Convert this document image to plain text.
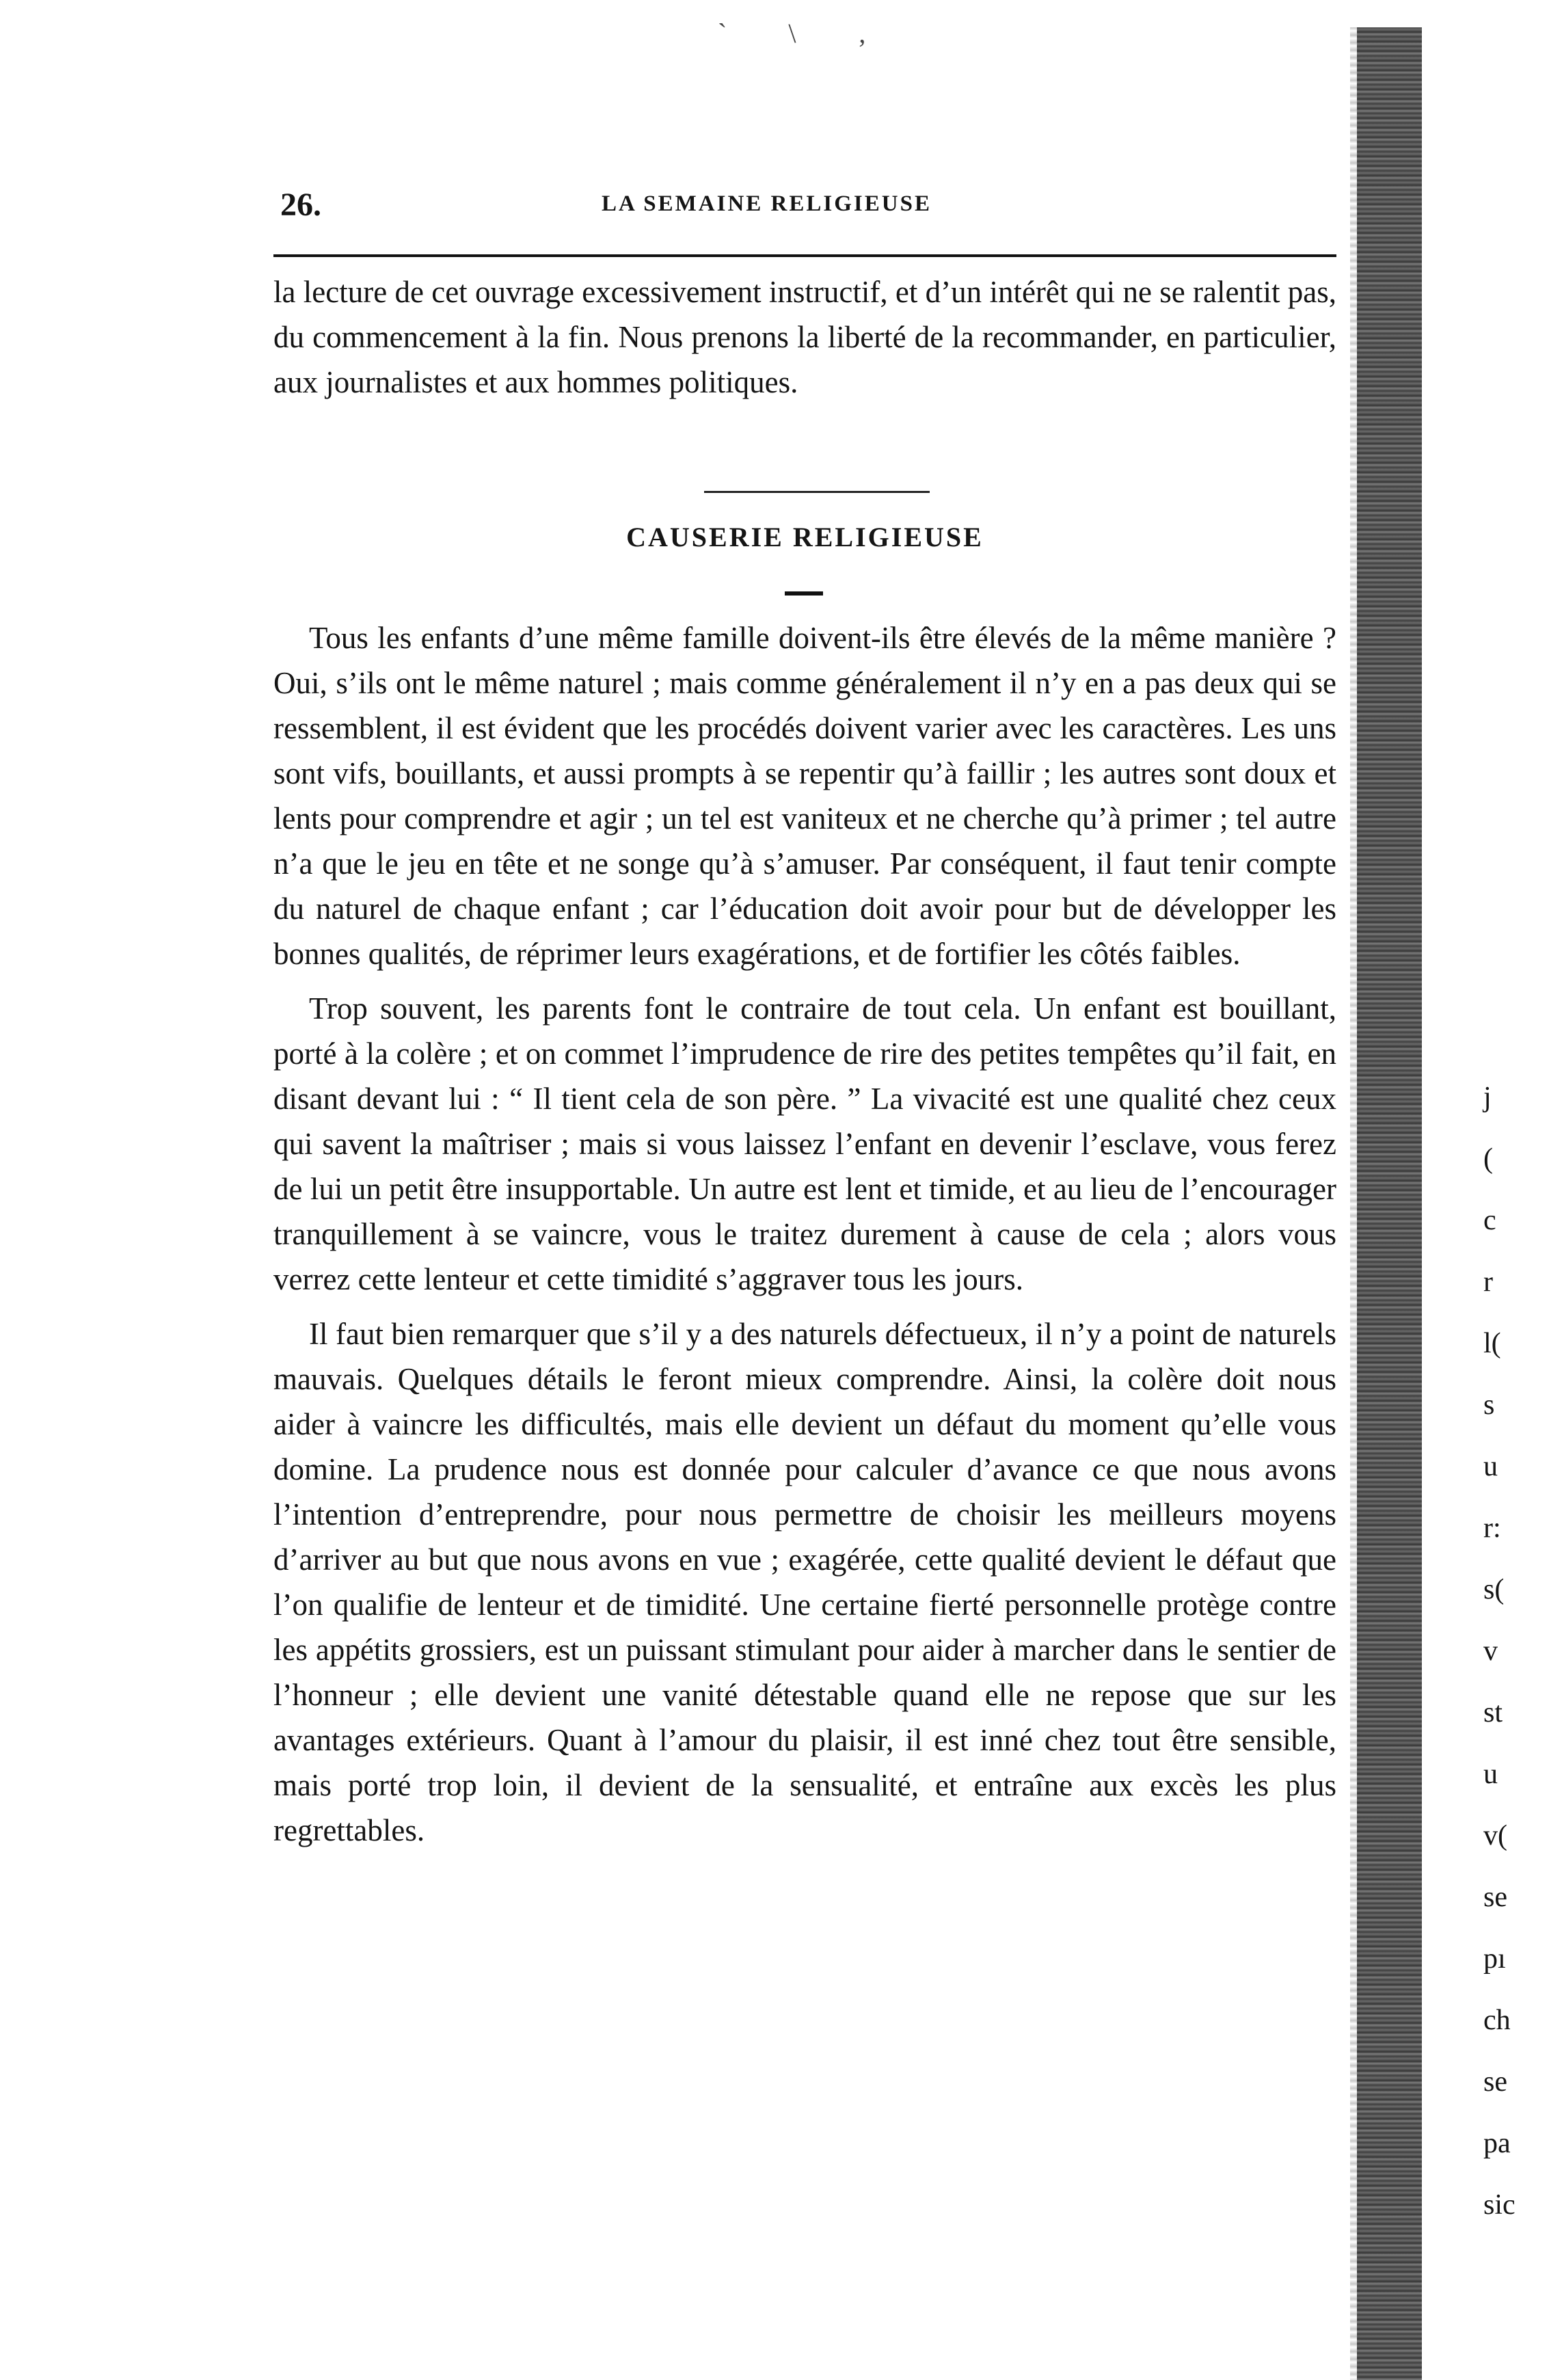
` \ ‚
26.	LA SEMAINE RELIGIEUSE

la lecture de cet ouvrage excessivement instructif, et d’un intérêt qui ne se ralentit pas, du commencement à la fin. Nous prenons la liberté de la recommander, en particulier, aux journalistes et aux hommes politiques.

CAUSERIE RELIGIEUSE

Tous les enfants d’une même famille doivent-ils être élevés de la même manière ? Oui, s’ils ont le même naturel ; mais comme généralement il n’y en a pas deux qui se ressemblent, il est évident que les procédés doivent varier avec les caractères. Les uns sont vifs, bouillants, et aussi prompts à se repentir qu’à faillir ; les autres sont doux et lents pour comprendre et agir ; un tel est vaniteux et ne cherche qu’à primer ; tel autre n’a que le jeu en tête et ne songe qu’à s’amuser. Par conséquent, il faut tenir compte du naturel de chaque enfant ; car l’éducation doit avoir pour but de développer les bonnes qualités, de réprimer leurs exagérations, et de fortifier les côtés faibles.

Trop souvent, les parents font le contraire de tout cela. Un enfant est bouillant, porté à la colère ; et on commet l’imprudence de rire des petites tempêtes qu’il fait, en disant devant lui : “ Il tient cela de son père. ” La vivacité est une qualité chez ceux qui savent la maîtriser ; mais si vous laissez l’enfant en devenir l’esclave, vous ferez de lui un petit être insupportable. Un autre est lent et timide, et au lieu de l’encourager tranquillement à se vaincre, vous le traitez durement à cause de cela ; alors vous verrez cette lenteur et cette timidité s’aggraver tous les jours.

Il faut bien remarquer que s’il y a des naturels défectueux, il n’y a point de naturels mauvais. Quelques détails le feront mieux comprendre. Ainsi, la colère doit nous aider à vaincre les difficultés, mais elle devient un défaut du moment qu’elle vous domine. La prudence nous est donnée pour calculer d’avance ce que nous avons l’intention d’entreprendre, pour nous permettre de choisir les meilleurs moyens d’arriver au but que nous avons en vue ; exagérée, cette qualité devient le défaut que l’on qualifie de lenteur et de timidité. Une certaine fierté personnelle protège contre les appétits grossiers, est un puissant stimulant pour aider à marcher dans le sentier de l’honneur ; elle devient une vanité détestable quand elle ne repose que sur les avantages extérieurs. Quant à l’amour du plaisir, il est inné chez tout être sensible, mais porté trop loin, il devient de la sensualité, et entraîne aux excès les plus regrettables.

j
(
c
r
l(
s
u
r:
s(
v
st
u
v(
se
pı
ch
se
pa
sic
